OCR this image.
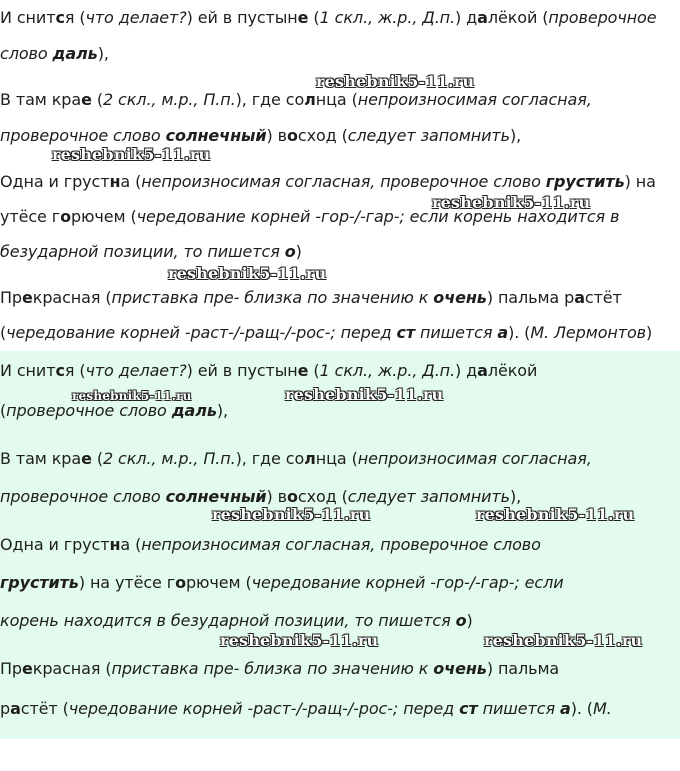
И снится (что делает?) ей в пустыне (1 скл., ж.р., Д.п.) далёкой (проверочное
слово даль),
reshebnik5-11.ru
В там крае (2 скл., м.р., П.п.), где солнца (непроизносимая согласная,
проверочное слово солнечный) восход (следует запомнить),
reshebnik5-11.ru
Одна и грустна (непроизносимая согласная, проверочное слово грустить) на
reshebnik5-11.ru
утёсе горючем (чередование корней -гор-/-гар-; если корень находится в
безударной позиции, то пишется о)
reshebnik5-11.ru
Прекрасная (приставка пре- близка по значению к очень) пальма растёт
(чередование корней -раст-/-ращ-/-рос-; перед ст пишется а). (М. Лермонтов)
И снится (что делает?) ей в пустыне (1 скл., ж.р., Д.п.) далёкой
reshebnik5-11.ru	reshebnik5-11.ru
(проверочное слово даль),
В там крае (2 скл., м.р., П.п.), где солнца (непроизносимая согласная,
проверочное слово солнечный) восход (следует запомнить),
reshebnik5-11.ru	reshebnik5-11.ru
Одна и грустна (непроизносимая согласная, проверочное слово
грустить) на утёсе горючем (чередование корней -гор-/-гар-; если
корень находится в безударной позиции, то пишется о)
reshebnik5-11.ru	reshebnik5-11.ru
Прекрасная (приставка пре- близка по значению к очень) пальма
растёт (чередование корней -раст-/-ращ-/-рос-; перед ст пишется а). (М.
